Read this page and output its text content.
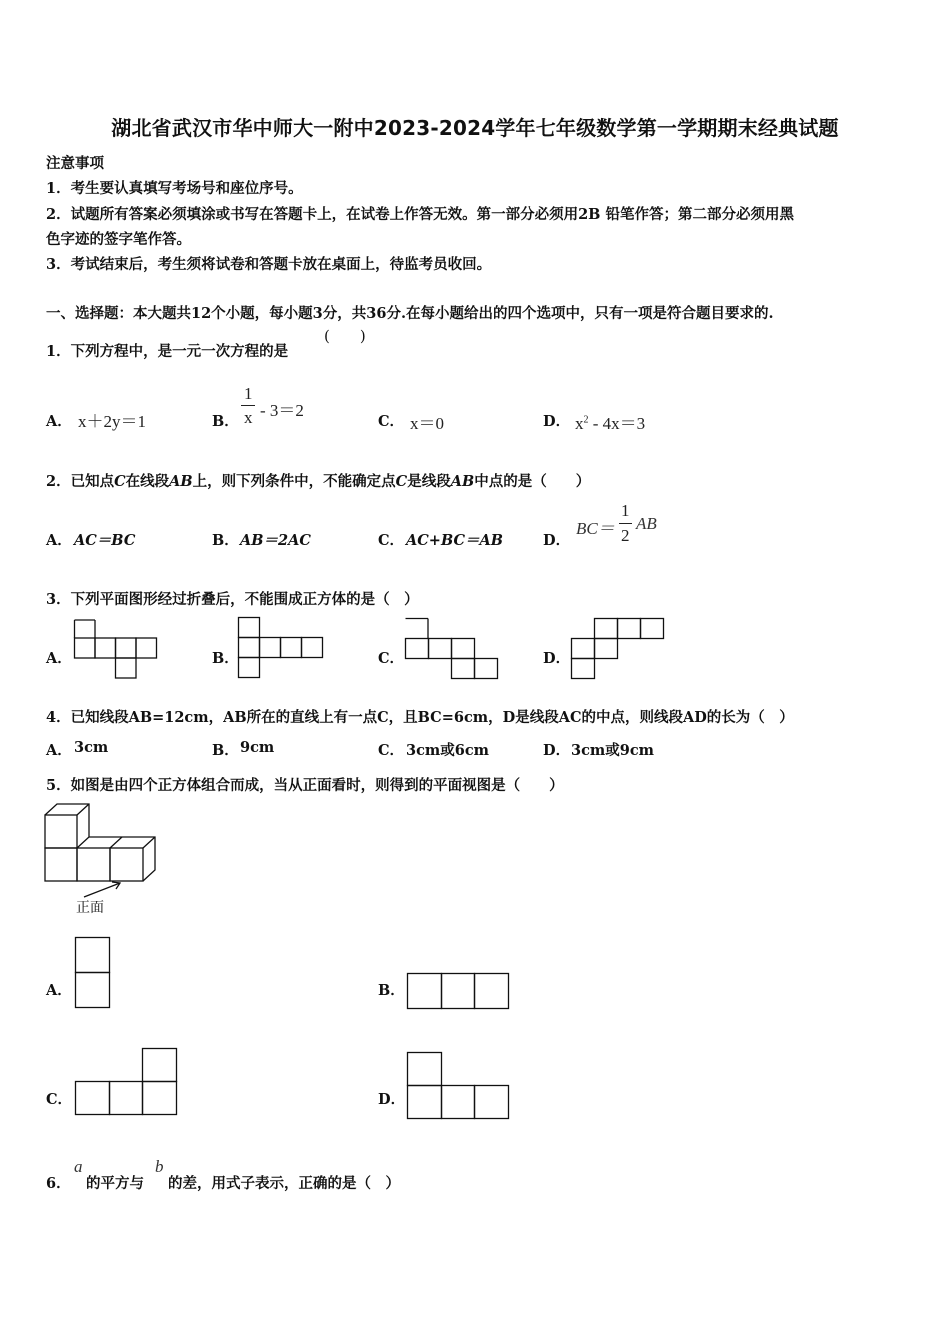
湖北省武汉市华中师大一附中2023-2024学年七年级数学第一学期期末经典试题
注意事项
1．考生要认真填写考场号和座位序号。
2．试题所有答案必须填涂或书写在答题卡上，在试卷上作答无效。第一部分必须用2B 铅笔作答；第二部分必须用黑
色字迹的签字笔作答。
3．考试结束后，考生须将试卷和答题卡放在桌面上，待监考员收回。
一、选择题：本大题共12个小题，每小题3分，共36分.在每小题给出的四个选项中，只有一项是符合题目要求的.
1．下列方程中，是一元一次方程的是
(　　)
A． x＋2y＝1	B．
1
x - 3＝2
C． x＝0	D． $x^2 - 4x=3$
2．已知点C在线段AB上，则下列条件中，不能确定点C是线段AB中点的是（　　）
A． AC＝BC	B． AB＝2AC	C． AC+BC＝AB	D．
BC＝
1
2
AB
3．下列平面图形经过折叠后，不能围成正方体的是（　）
A．	B．	C．	D．
4．已知线段AB=12cm，AB所在的直线上有一点C，且BC=6cm，D是线段AC的中点，则线段AD的长为（　）
A． 3cm	B． 9cm	C． 3cm或6cm	D． 3cm或9cm
5．如图是由四个正方体组合而成，当从正面看时，则得到的平面视图是（　　）
正面
A．	B．
C．	D．
6．
a
的平方与
b
的差，用式子表示，正确的是（　）
